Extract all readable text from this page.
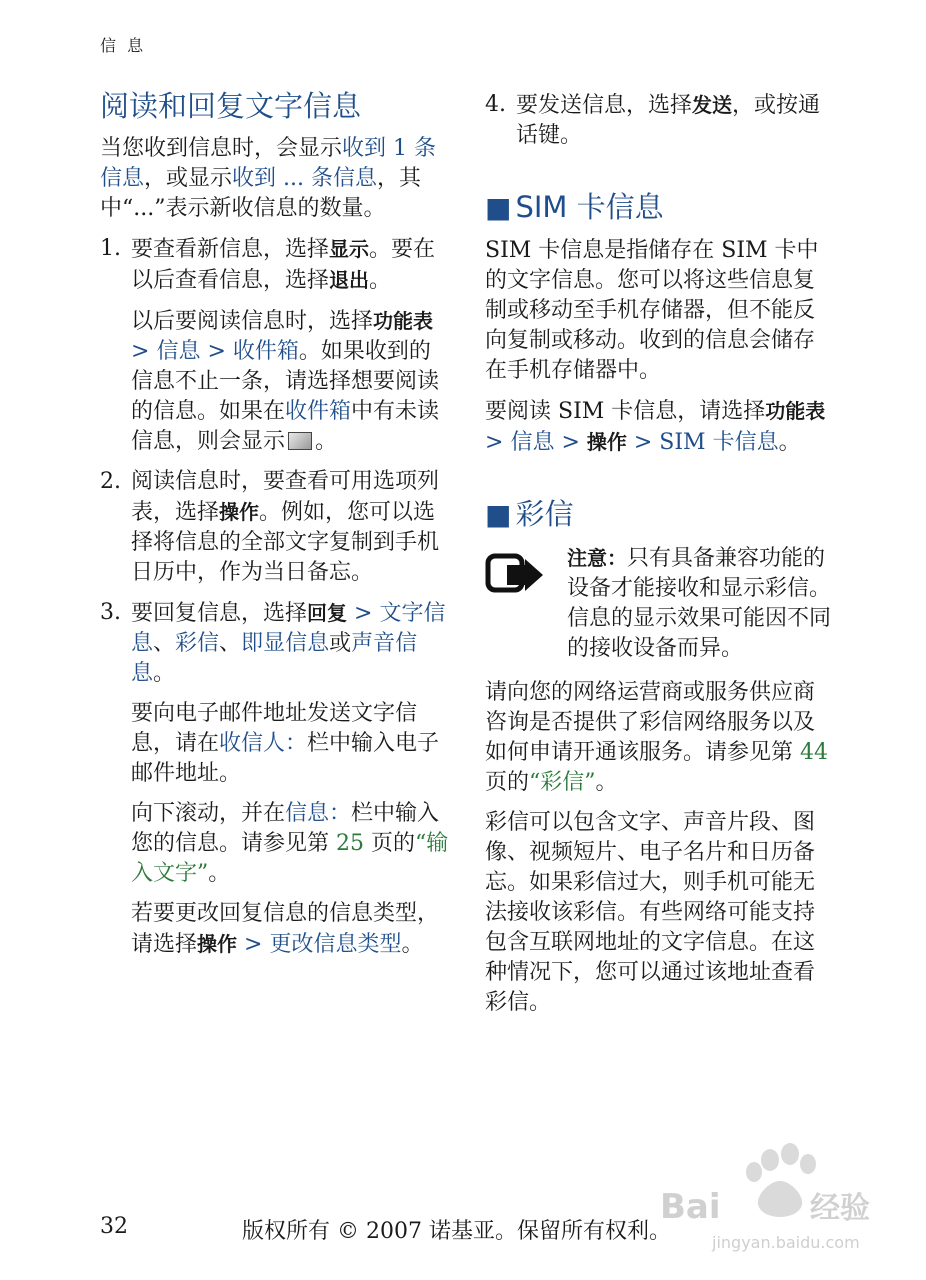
信 息
阅读和回复文字信息

当您收到信息时，会显示收到 1 条信息，或显示收到 ... 条信息，其中“...”表示新收信息的数量。

1. 要查看新信息，选择显示。要在以后查看信息，选择退出。

以后要阅读信息时，选择功能表 > 信息 > 收件箱。如果收到的信息不止一条，请选择想要阅读的信息。如果在收件箱中有未读信息，则会显示 。

2. 阅读信息时，要查看可用选项列表，选择操作。例如，您可以选择将信息的全部文字复制到手机日历中，作为当日备忘。

3. 要回复信息，选择回复 > 文字信息、彩信、即显信息或声音信息。

要向电子邮件地址发送文字信息，请在收信人：栏中输入电子邮件地址。

向下滚动，并在信息：栏中输入您的信息。请参见第 25 页的“输入文字”。

若要更改回复信息的信息类型，请选择操作 > 更改信息类型。

4. 要发送信息，选择发送，或按通话键。

■ SIM 卡信息

SIM 卡信息是指储存在 SIM 卡中的文字信息。您可以将这些信息复制或移动至手机存储器，但不能反向复制或移动。收到的信息会储存在手机存储器中。

要阅读 SIM 卡信息，请选择功能表 > 信息 > 操作 > SIM 卡信息。

■ 彩信

注意：只有具备兼容功能的设备才能接收和显示彩信。信息的显示效果可能因不同的接收设备而异。

请向您的网络运营商或服务供应商咨询是否提供了彩信网络服务以及如何申请开通该服务。请参见第 44 页的“彩信”。

彩信可以包含文字、声音片段、图像、视频短片、电子名片和日历备忘。如果彩信过大，则手机可能无法接收该彩信。有些网络可能支持包含互联网地址的文字信息。在这种情况下，您可以通过该地址查看彩信。

Bai	经验
jingyan.baidu.com
32	版权所有 © 2007 诺基亚。保留所有权利。
